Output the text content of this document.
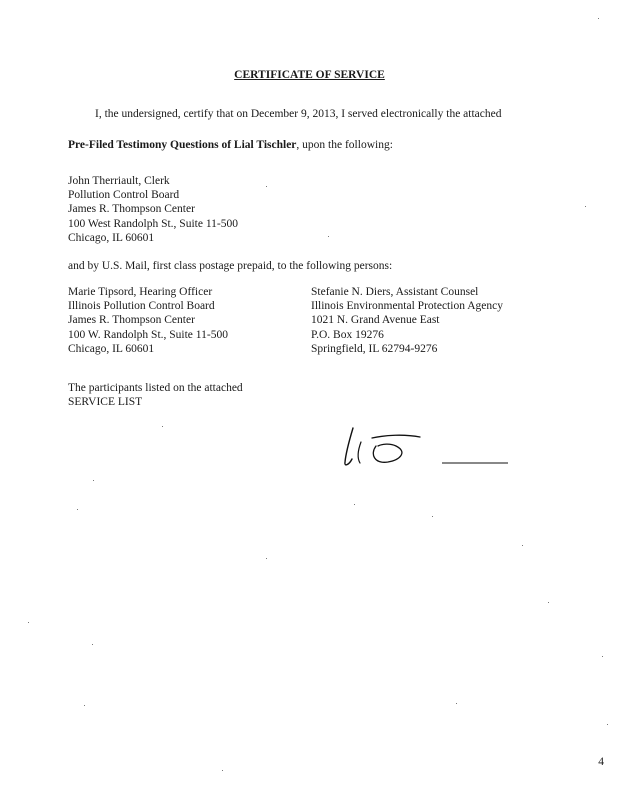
CERTIFICATE OF SERVICE
I, the undersigned, certify that on December 9, 2013, I served electronically the attached
Pre-Filed Testimony Questions of Lial Tischler, upon the following:
John Therriault, Clerk
Pollution Control Board
James R. Thompson Center
100 West Randolph St., Suite 11-500
Chicago, IL 60601
and by U.S. Mail, first class postage prepaid, to the following persons:
Marie Tipsord, Hearing Officer
Illinois Pollution Control Board
James R. Thompson Center
100 W. Randolph St., Suite 11-500
Chicago, IL 60601
Stefanie N. Diers, Assistant Counsel
Illinois Environmental Protection Agency
1021 N. Grand Avenue East
P.O. Box 19276
Springfield, IL 62794-9276
The participants listed on the attached
SERVICE LIST
4
